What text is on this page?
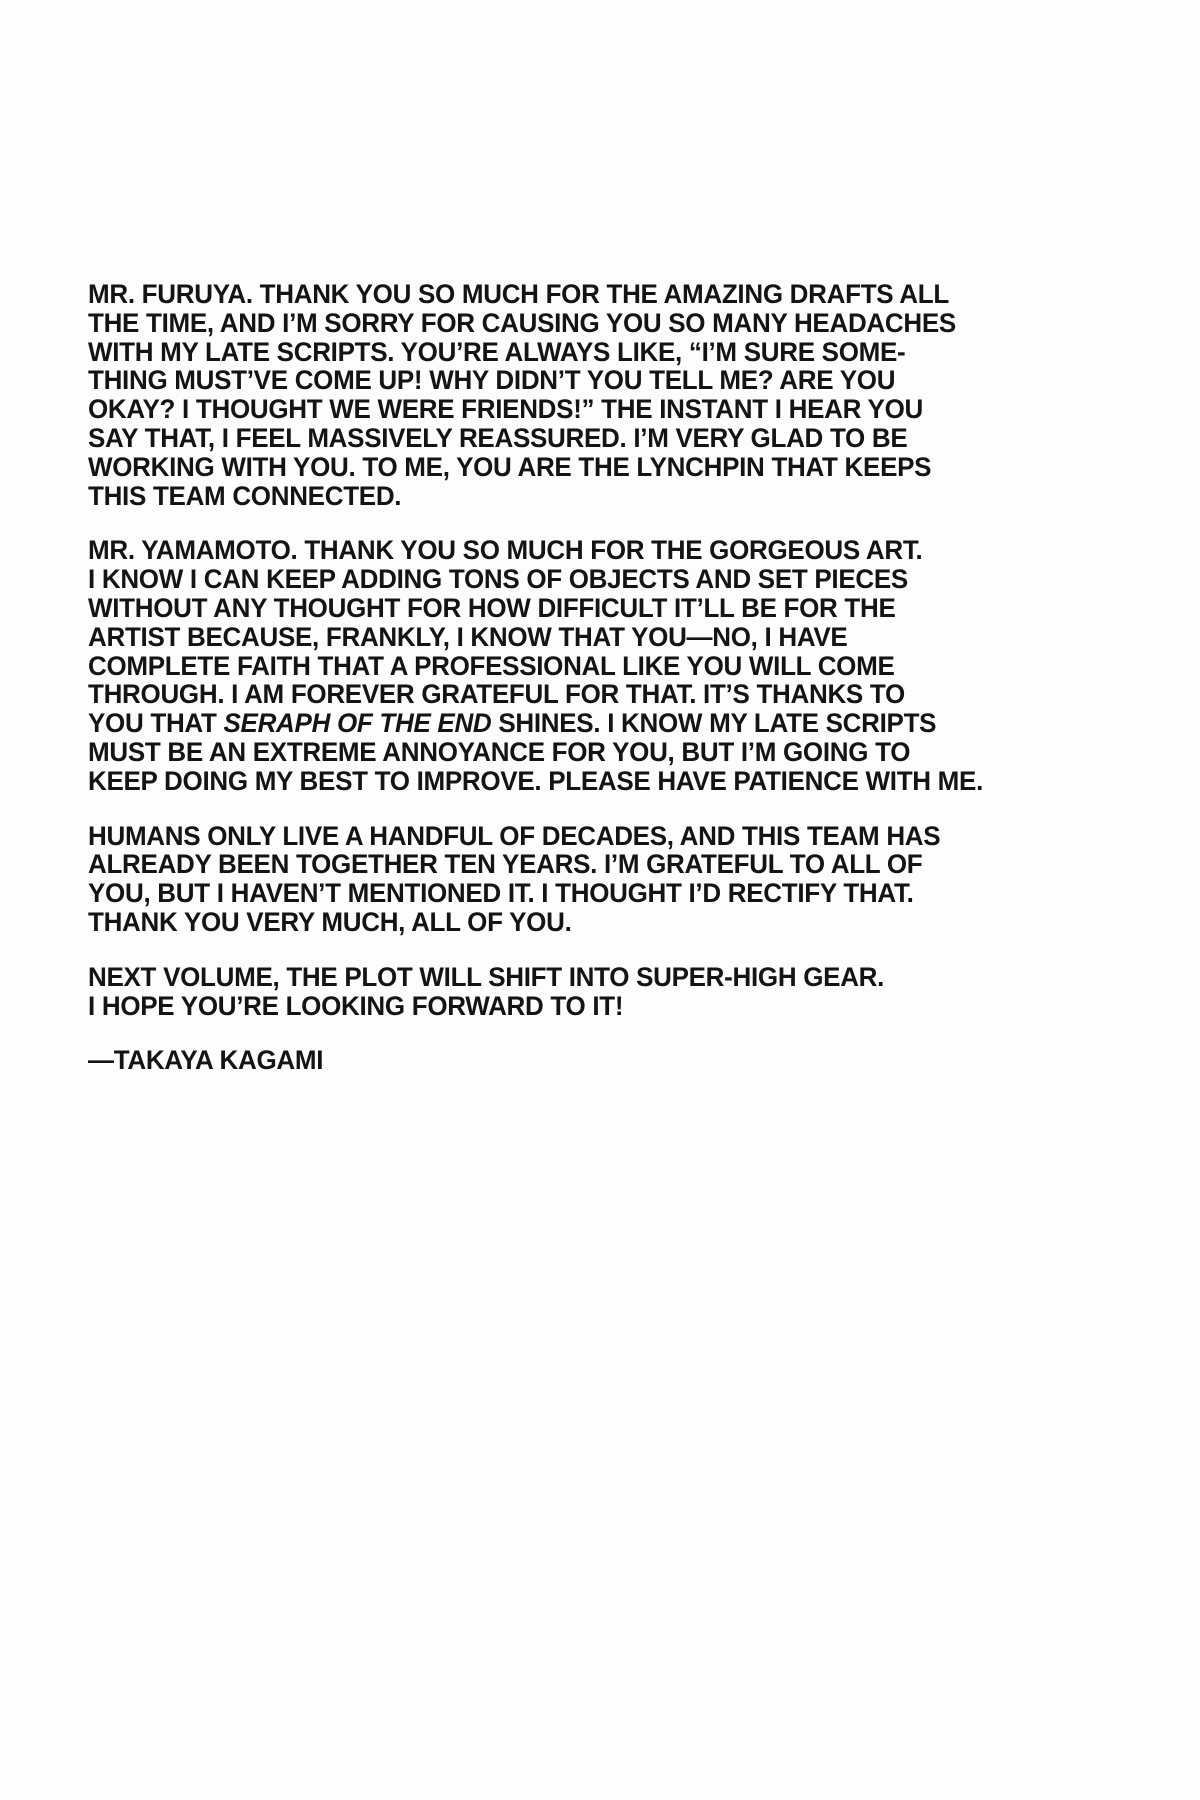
MR. FURUYA. THANK YOU SO MUCH FOR THE AMAZING DRAFTS ALL
THE TIME, AND I’M SORRY FOR CAUSING YOU SO MANY HEADACHES
WITH MY LATE SCRIPTS. YOU’RE ALWAYS LIKE, “I’M SURE SOME-
THING MUST’VE COME UP! WHY DIDN’T YOU TELL ME? ARE YOU
OKAY? I THOUGHT WE WERE FRIENDS!” THE INSTANT I HEAR YOU
SAY THAT, I FEEL MASSIVELY REASSURED. I’M VERY GLAD TO BE
WORKING WITH YOU. TO ME, YOU ARE THE LYNCHPIN THAT KEEPS
THIS TEAM CONNECTED.
MR. YAMAMOTO. THANK YOU SO MUCH FOR THE GORGEOUS ART.
I KNOW I CAN KEEP ADDING TONS OF OBJECTS AND SET PIECES
WITHOUT ANY THOUGHT FOR HOW DIFFICULT IT’LL BE FOR THE
ARTIST BECAUSE, FRANKLY, I KNOW THAT YOU—NO, I HAVE
COMPLETE FAITH THAT A PROFESSIONAL LIKE YOU WILL COME
THROUGH. I AM FOREVER GRATEFUL FOR THAT. IT’S THANKS TO
YOU THAT SERAPH OF THE END SHINES. I KNOW MY LATE SCRIPTS
MUST BE AN EXTREME ANNOYANCE FOR YOU, BUT I’M GOING TO
KEEP DOING MY BEST TO IMPROVE. PLEASE HAVE PATIENCE WITH ME.
HUMANS ONLY LIVE A HANDFUL OF DECADES, AND THIS TEAM HAS
ALREADY BEEN TOGETHER TEN YEARS. I’M GRATEFUL TO ALL OF
YOU, BUT I HAVEN’T MENTIONED IT. I THOUGHT I’D RECTIFY THAT.
THANK YOU VERY MUCH, ALL OF YOU.
NEXT VOLUME, THE PLOT WILL SHIFT INTO SUPER-HIGH GEAR.
I HOPE YOU’RE LOOKING FORWARD TO IT!
—TAKAYA KAGAMI
